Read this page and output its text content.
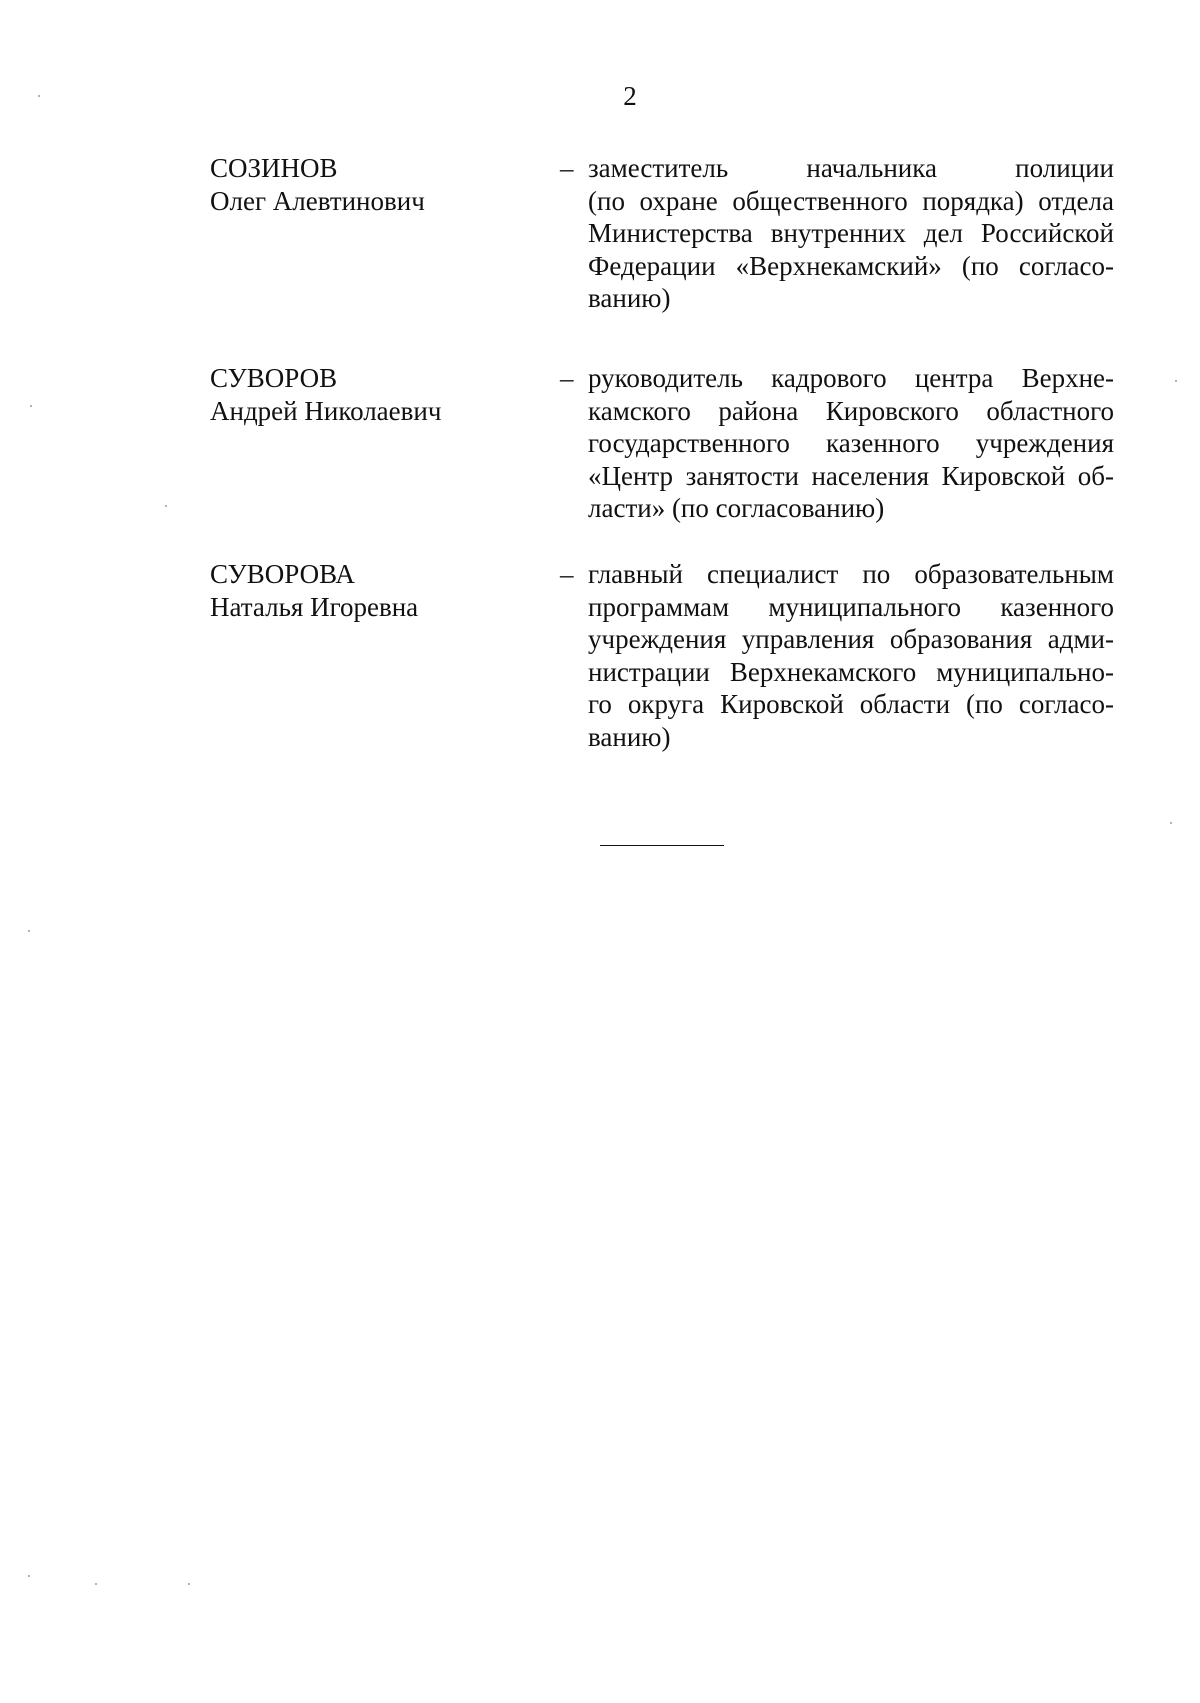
2
СОЗИНОВ
Олег Алевтинович
– заместитель начальника полиции
(по охране общественного порядка) отдела
Министерства внутренних дел Российской
Федерации «Верхнекамский» (по согласо-
ванию)
СУВОРОВ
Андрей Николаевич
– руководитель кадрового центра Верхне-
камского района Кировского областного
государственного казенного учреждения
«Центр занятости населения Кировской об-
ласти» (по согласованию)
СУВОРОВА
Наталья Игоревна
– главный специалист по образовательным
программам муниципального казенного
учреждения управления образования адми-
нистрации Верхнекамского муниципально-
го округа Кировской области (по согласо-
ванию)
